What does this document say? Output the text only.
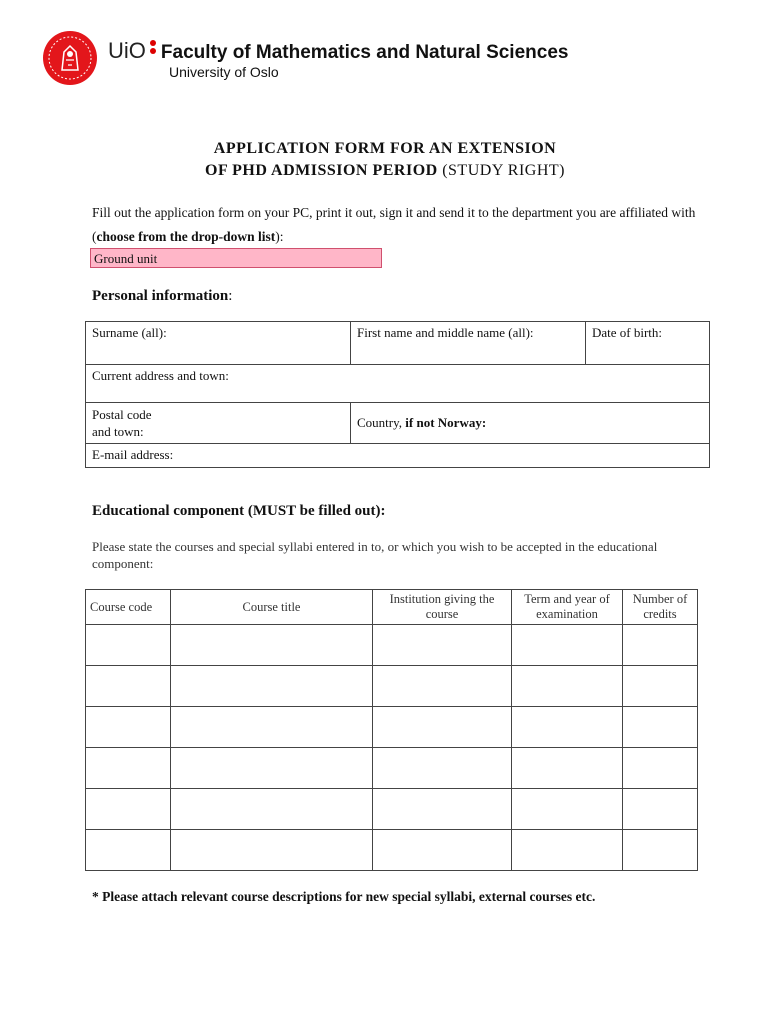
UiO Faculty of Mathematics and Natural Sciences
University of Oslo
APPLICATION FORM FOR AN EXTENSION
OF PHD ADMISSION PERIOD (STUDY RIGHT)
Fill out the application form on your PC, print it out, sign it and send it to the department you are affiliated with (choose from the drop-down list):
Ground unit
Personal information:
Surname (all):	First name and middle name (all):	Date of birth:
Current address and town:		

Postal code
and town:	Country, if not Norway:	
E-mail address:		
Educational component (MUST be filled out):
Please state the courses and special syllabi entered in to, or which you wish to be accepted in the educational component:
Course code	Course title	Institution giving the course	Term and year of examination	Number of credits

* Please attach relevant course descriptions for new special syllabi, external courses etc.
